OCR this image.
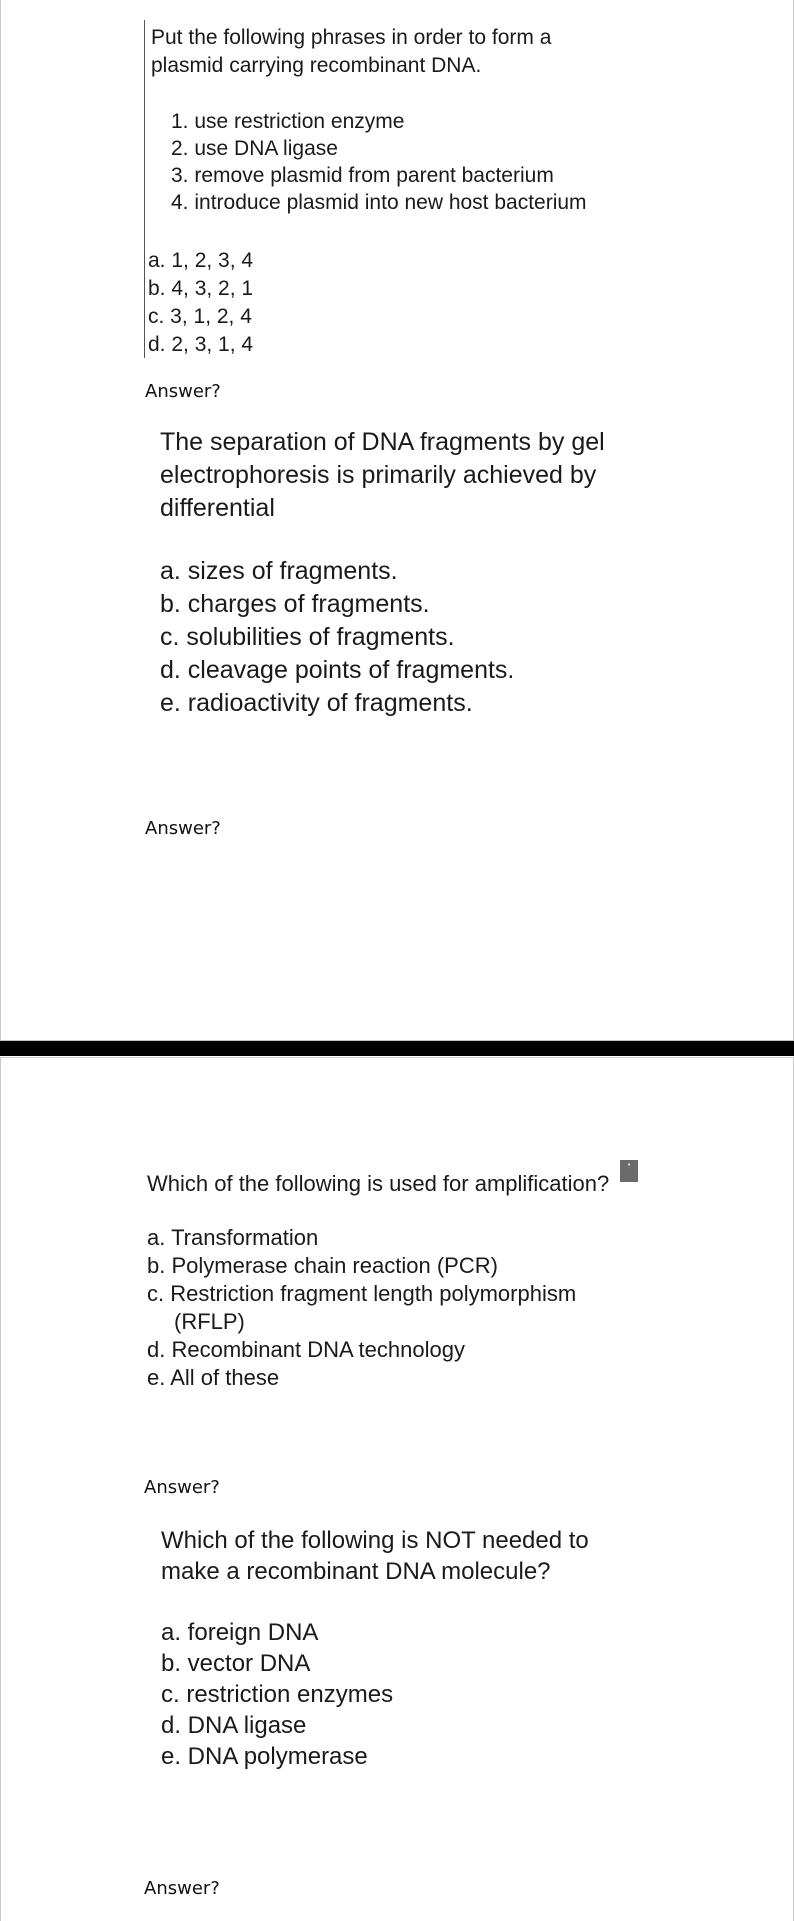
Put the following phrases in order to form a
plasmid carrying recombinant DNA.
1. use restriction enzyme
2. use DNA ligase
3. remove plasmid from parent bacterium
4. introduce plasmid into new host bacterium
a. 1, 2, 3, 4
b. 4, 3, 2, 1
c. 3, 1, 2, 4
d. 2, 3, 1, 4
Answer?
The separation of DNA fragments by gel
electrophoresis is primarily achieved by
differential
a. sizes of fragments.
b. charges of fragments.
c. solubilities of fragments.
d. cleavage points of fragments.
e. radioactivity of fragments.
Answer?
Which of the following is used for amplification?
▪
a. Transformation
b. Polymerase chain reaction (PCR)
c. Restriction fragment length polymorphism
(RFLP)
d. Recombinant DNA technology
e. All of these
Answer?
Which of the following is NOT needed to
make a recombinant DNA molecule?
a. foreign DNA
b. vector DNA
c. restriction enzymes
d. DNA ligase
e. DNA polymerase
Answer?
